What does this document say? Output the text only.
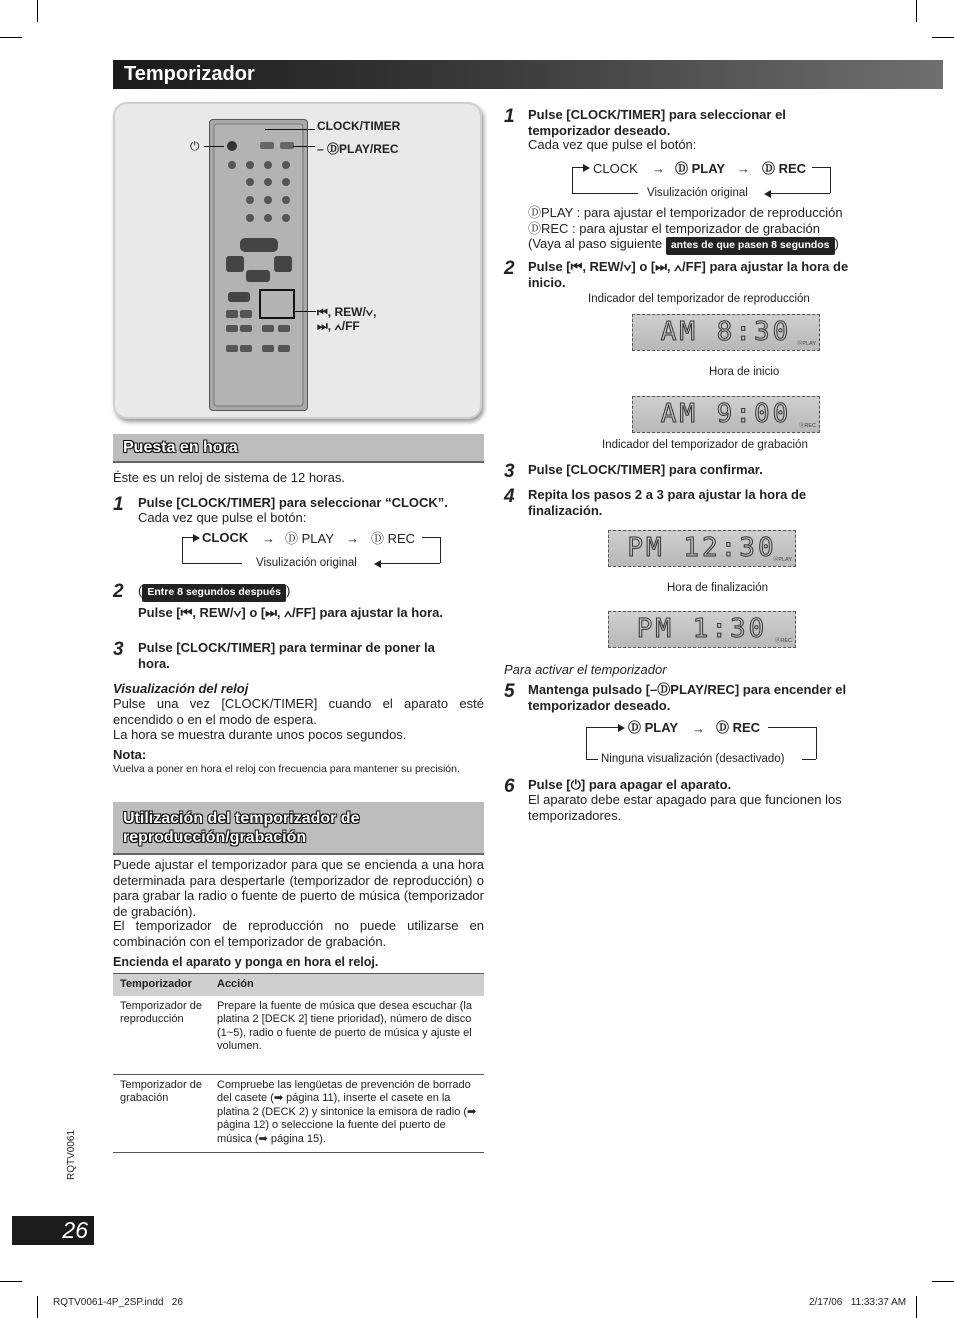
Temporizador
CLOCK/TIMER
– ⒹPLAY/REC
⏻
⏮, REW/∨,
⏭, ∧/FF
Puesta en hora
Éste es un reloj de sistema de 12 horas.
1 Pulse [CLOCK/TIMER] para seleccionar “CLOCK”.
Cada vez que pulse el botón:
CLOCK → Ⓓ PLAY → Ⓓ REC
Visulización original
2 ( Entre 8 segundos después )
Pulse [⏮, REW/∨] o [⏭, ∧/FF] para ajustar la hora.
3 Pulse [CLOCK/TIMER] para terminar de poner la hora.
Visualización del reloj
Pulse una vez [CLOCK/TIMER] cuando el aparato esté encendido o en el modo de espera.
La hora se muestra durante unos pocos segundos.
Nota:
Vuelva a poner en hora el reloj con frecuencia para mantener su precisión.
Utilización del temporizador de
reproducción/grabación
Puede ajustar el temporizador para que se encienda a una hora determinada para despertarle (temporizador de reproducción) o para grabar la radio o fuente de puerto de música (temporizador de grabación).
El temporizador de reproducción no puede utilizarse en combinación con el temporizador de grabación.
Encienda el aparato y ponga en hora el reloj.
Temporizador	Acción
Temporizador de reproducción	Prepare la fuente de música que desea escuchar (la platina 2 [DECK 2] tiene prioridad), número de disco (1~5), radio o fuente de puerto de música y ajuste el volumen.
Temporizador de grabación	Compruebe las lengüetas de prevención de borrado del casete (➡ página 11), inserte el casete en la platina 2 (DECK 2) y sintonice la emisora de radio (➡ página 12) o seleccione la fuente del puerto de música (➡ página 15).
1 Pulse [CLOCK/TIMER] para seleccionar el temporizador deseado.
Cada vez que pulse el botón:
CLOCK → Ⓓ PLAY → Ⓓ REC
Visulización original
ⒹPLAY : para ajustar el temporizador de reproducción
ⒹREC : para ajustar el temporizador de grabación
(Vaya al paso siguiente antes de que pasen 8 segundos )
2 Pulse [⏮, REW/∨] o [⏭, ∧/FF] para ajustar la hora de inicio.
Indicador del temporizador de reproducción
AM 8:30	ⒹPLAY
Hora de inicio
AM 9:00	ⒹREC
Indicador del temporizador de grabación
3 Pulse [CLOCK/TIMER] para confirmar.
4 Repita los pasos 2 a 3 para ajustar la hora de finalización.
PM 12:30
ⒹPLAY
Hora de finalización
PM 1:30	ⒹREC
Para activar el temporizador
5 Mantenga pulsado [–ⒹPLAY/REC] para encender el temporizador deseado.
Ⓓ PLAY → Ⓓ REC
Ninguna visualización (desactivado)
6 Pulse [⏻] para apagar el aparato.
El aparato debe estar apagado para que funcionen los temporizadores.
RQTV0061
26
RQTV0061-4P_2SP.indd   26	2/17/06   11:33:37 AM
